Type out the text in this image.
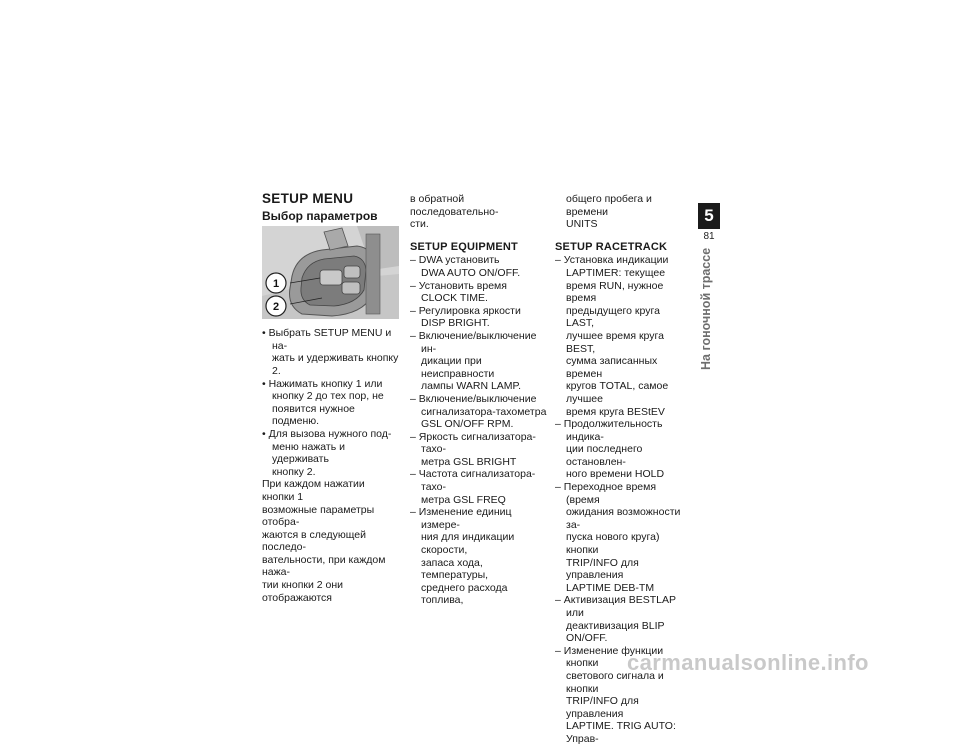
SETUP MENU
Выбор параметров
1
2
• Выбрать SETUP MENU и на-
жать и удерживать кнопку 2.
• Нажимать кнопку 1 или
кнопку 2 до тех пор, не
появится нужное подменю.
• Для вызова нужного под-
меню нажать и удерживать
кнопку 2.

При каждом нажатии кнопки 1
возможные параметры отобра-
жаются в следующей последо-
вательности, при каждом нажа-
тии кнопки 2 они отображаются

в обратной последовательно-
сти.

SETUP EQUIPMENT
– DWA установить
DWA AUTO ON/OFF.
– Установить время
CLOCK TIME.
– Регулировка яркости
DISP BRIGHT.
– Включение/выключение ин-
дикации при неисправности
лампы WARN LAMP.
– Включение/выключение
сигнализатора-тахометра
GSL ON/OFF RPM.
– Яркость сигнализатора-тахо-
метра GSL BRIGHT
– Частота сигнализатора-тахо-
метра GSL FREQ
– Изменение единиц измере-
ния для индикации скорости,
запаса хода, температуры,
среднего расхода топлива,

общего пробега и времени
UNITS

SETUP RACETRACK
– Установка индикации
LAPTIMER: текущее
время RUN, нужное время
предыдущего круга LAST,
лучшее время круга BEST,
сумма записанных времен
кругов TOTAL, самое лучшее
время круга BEStEV
– Продолжительность индика-
ции последнего остановлен-
ного времени HOLD
– Переходное время (время
ожидания возможности за-
пуска нового круга) кнопки
TRIP/INFO для управления
LAPTIME DEB-TM
– Активизация BESTLAP или
деактивизация BLIP ON/OFF.
– Изменение функции кнопки
светового сигнала и кнопки
TRIP/INFO для управления
LAPTIME. TRIG AUTO: Управ-
5
81
На гоночной трассе
carmanualsonline.info
